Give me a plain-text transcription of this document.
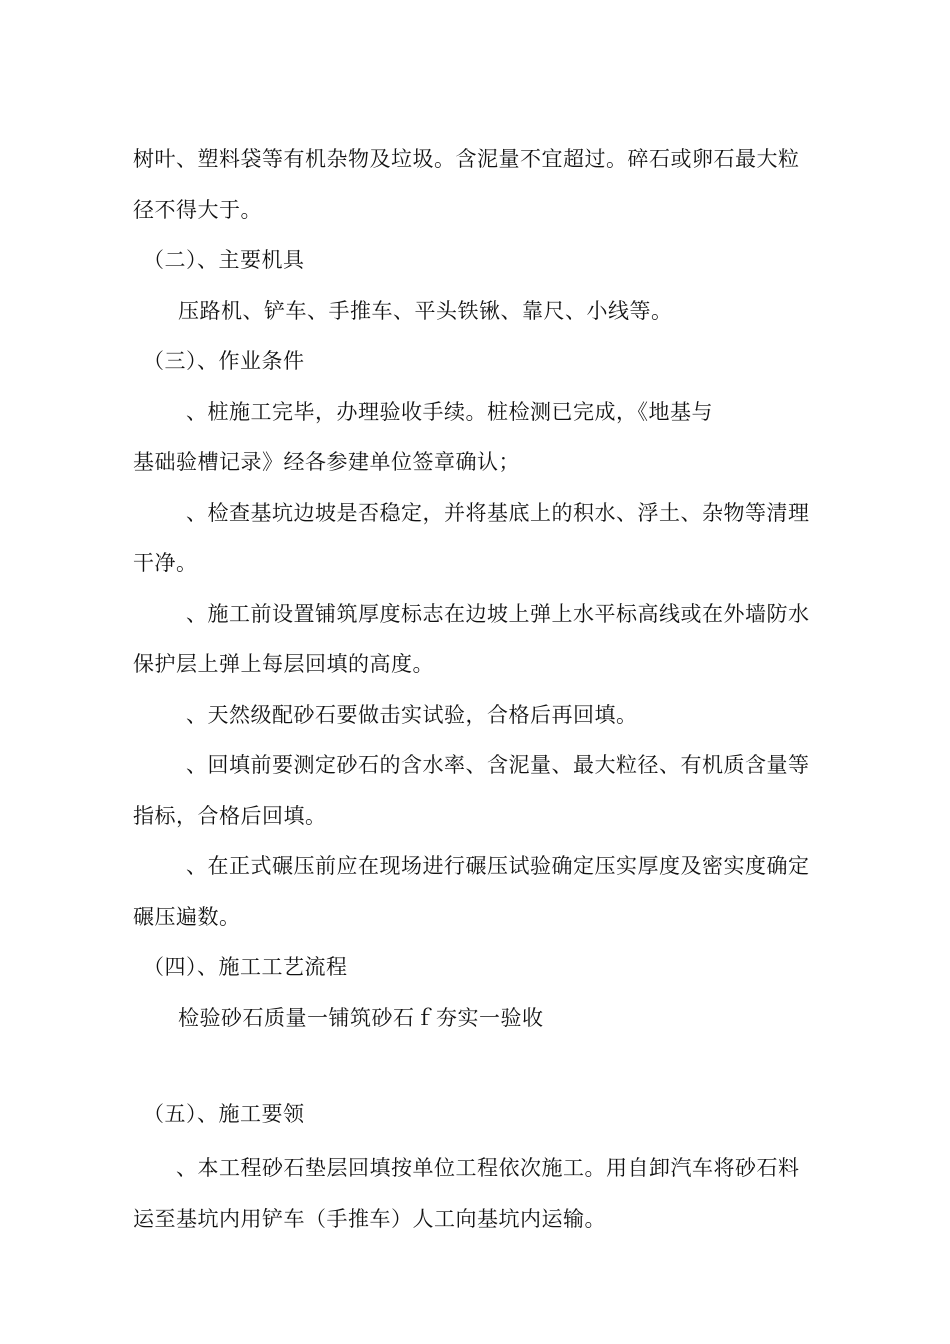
树叶、塑料袋等有机杂物及垃圾。含泥量不宜超过。碎石或卵石最大粒
径不得大于。
（二）、主要机具
压路机、铲车、手推车、平头铁锹、靠尺、小线等。
（三）、作业条件
、桩施工完毕，办理验收手续。桩检测已完成，《地基与
基础验槽记录》经各参建单位签章确认；
、检查基坑边坡是否稳定，并将基底上的积水、浮土、杂物等清理
干净。
、施工前设置铺筑厚度标志在边坡上弹上水平标高线或在外墙防水
保护层上弹上每层回填的高度。
、天然级配砂石要做击实试验，合格后再回填。
、回填前要测定砂石的含水率、含泥量、最大粒径、有机质含量等
指标，合格后回填。
、在正式碾压前应在现场进行碾压试验确定压实厚度及密实度确定
碾压遍数。
（四）、施工工艺流程
检验砂石质量一铺筑砂石ｆ夯实一验收
（五）、施工要领
、本工程砂石垫层回填按单位工程依次施工。用自卸汽车将砂石料
运至基坑内用铲车（手推车）人工向基坑内运输。
